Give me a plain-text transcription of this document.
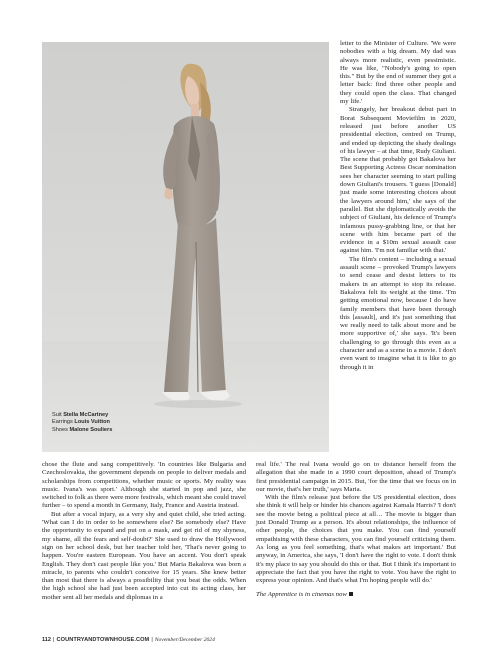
Suit Stella McCartney
Earrings Louis Vuitton
Shoes Malone Souliers

letter to the Minister of Culture. 'We were nobodies with a big dream. My dad was always more realistic, even pessimistic. He was like, "Nobody's going to open this." But by the end of summer they got a letter back: find three other people and they could open the class. That changed my life.'

Strangely, her breakout debut part in Borat Subsequent Moviefilm in 2020, released just before another US presidential election, centred on Trump, and ended up depicting the shady dealings of his lawyer – at that time, Rudy Giuliani. The scene that probably got Bakalova her Best Supporting Actress Oscar nomination sees her character seeming to start pulling down Giuliani's trousers. 'I guess [Donald] just made some interesting choices about the lawyers around him,' she says of the parallel. But she diplomatically avoids the subject of Giuliani, his defence of Trump's infamous pussy-grabbing line, or that her scene with him became part of the evidence in a $10m sexual assault case against him. 'I'm not familiar with that.'

The film's content – including a sexual assault scene – provoked Trump's lawyers to send cease and desist letters to its makers in an attempt to stop its release. Bakalova felt its weight at the time. 'I'm getting emotional now, because I do have family members that have been through this [assault], and it's just something that we really need to talk about more and be more supportive of,' she says. 'It's been challenging to go through this even as a character and as a scene in a movie. I don't even want to imagine what it is like to go through it in

chose the flute and sang competitively. 'In countries like Bulgaria and Czechoslovakia, the government depends on people to deliver medals and scholarships from competitions, whether music or sports. My reality was music. Ivana's was sport.' Although she started in pop and jazz, she switched to folk as there were more festivals, which meant she could travel further – to spend a month in Germany, Italy, France and Austria instead.

But after a vocal injury, as a very shy and quiet child, she tried acting. 'What can I do in order to be somewhere else? Be somebody else? Have the opportunity to expand and put on a mask, and get rid of my shyness, my shame, all the fears and self-doubt?' She used to draw the Hollywood sign on her school desk, but her teacher told her, 'That's never going to happen. You're eastern European. You have an accent. You don't speak English. They don't cast people like you.' But Maria Bakalova was born a miracle, to parents who couldn't conceive for 15 years. She knew better than most that there is always a possibility that you beat the odds. When the high school she had just been accepted into cut its acting class, her mother sent all her medals and diplomas in a

real life.' The real Ivana would go on to distance herself from the allegation that she made in a 1990 court deposition, ahead of Trump's first presidential campaign in 2015. But, 'for the time that we focus on in our movie, that's her truth,' says Maria.

With the film's release just before the US presidential election, does she think it will help or hinder his chances against Kamala Harris? 'I don't see the movie being a political piece at all… The movie is bigger than just Donald Trump as a person. It's about relationships, the influence of other people, the choices that you make. You can find yourself empathising with these characters, you can find yourself criticising them. As long as you feel something, that's what makes art important.' But anyway, in America, she says, 'I don't have the right to vote. I don't think it's my place to say you should do this or that. But I think it's important to appreciate the fact that you have the right to vote. You have the right to express your opinion. And that's what I'm hoping people will do.'

The Apprentice is in cinemas now

112 | COUNTRYANDTOWNHOUSE.COM | November/December 2024
